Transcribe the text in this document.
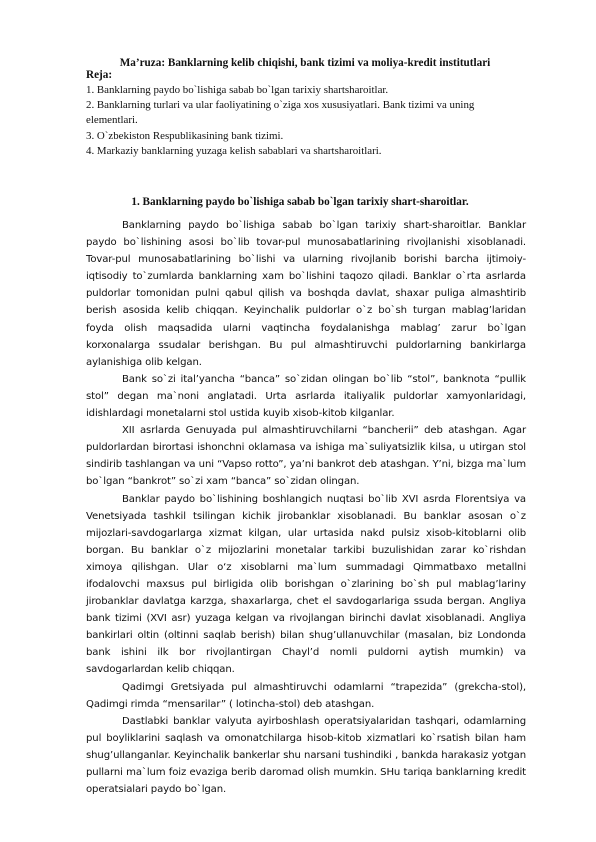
Ma’ruza: Banklarning kelib chiqishi, bank tizimi va moliya-kredit institutlari
Reja:
1. Banklarning paydo bo`lishiga sabab bo`lgan tarixiy shartsharoitlar.
2. Banklarning turlari va ular faoliyatining o`ziga xos xususiyatlari. Bank tizimi va uning elementlari.
3. O`zbekiston Respublikasining bank tizimi.
4. Markaziy banklarning yuzaga kelish sabablari va shartsharoitlari.
1. Banklarning paydo bo`lishiga sabab bo`lgan tarixiy shart-sharoitlar.

Banklarning paydo bo`lishiga sabab bo`lgan tarixiy shart-sharoitlar. Banklar paydo bo`lishining asosi bo`lib tovar-pul munosabatlarining rivojlanishi xisoblanadi. Tovar-pul munosabatlarining bo`lishi va ularning rivojlanib borishi barcha ijtimoiy-iqtisodiy to`zumlarda banklarning xam bo`lishini taqozo qiladi. Banklar o`rta asrlarda puldorlar tomonidan pulni qabul qilish va boshqda davlat, shaxar puliga almashtirib berish asosida kelib chiqqan. Keyinchalik puldorlar o`z bo`sh turgan mablag’laridan foyda olish maqsadida ularni vaqtincha foydalanishga mablag’ zarur bo`lgan korxonalarga ssudalar berishgan. Bu pul almashtiruvchi puldorlarning bankirlarga aylanishiga olib kelgan.

Bank so`zi ital’yancha “banca” so`zidan olingan bo`lib “stol”, banknota “pullik stol” degan ma`noni anglatadi. Urta asrlarda italiyalik puldorlar xamyonlaridagi, idishlardagi monetalarni stol ustida kuyib xisob-kitob kilganlar.

XII asrlarda Genuyada pul almashtiruvchilarni “bancherii” deb atashgan. Agar puldorlardan birortasi ishonchni oklamasa va ishiga ma`suliyatsizlik kilsa, u utirgan stol sindirib tashlangan va uni “Vapso rotto”, ya’ni bankrot deb atashgan. Y’ni, bizga ma`lum bo`lgan “bankrot” so`zi xam “banca” so`zidan olingan.

Banklar paydo bo`lishining boshlangich nuqtasi bo`lib XVI asrda Florentsiya va Venetsiyada tashkil tsilingan kichik jirobanklar xisoblanadi. Bu banklar asosan o`z mijozlari-savdogarlarga xizmat kilgan, ular urtasida nakd pulsiz xisob-kitoblarni olib borgan. Bu banklar o`z mijozlarini monetalar tarkibi buzulishidan zarar ko`rishdan ximoya qilishgan. Ular o‘z xisoblarni ma`lum summadagi Qimmatbaxo metallni ifodalovchi maxsus pul birligida olib borishgan o`zlarining bo`sh pul mablag’lariny jirobanklar davlatga karzga, shaxarlarga, chet el savdogarlariga ssuda bergan. Angliya bank tizimi (XVI asr) yuzaga kelgan va rivojlangan birinchi davlat xisoblanadi. Angliya bankirlari oltin (oltinni saqlab berish) bilan shug’ullanuvchilar (masalan, biz Londonda bank ishini ilk bor rivojlantirgan Chayl’d nomli puldorni aytish mumkin) va savdogarlardan kelib chiqqan.

Qadimgi Gretsiyada pul almashtiruvchi odamlarni “trapezida” (grekcha-stol), Qadimgi rimda “mensarilar” ( lotincha-stol) deb atashgan.

Dastlabki banklar valyuta ayirboshlash operatsiyalaridan tashqari, odamlarning pul boyliklarini saqlash va omonatchilarga hisob-kitob xizmatlari ko`rsatish bilan ham shug’ullanganlar. Keyinchalik bankerlar shu narsani tushindiki , bankda harakasiz yotgan pullarni ma`lum foiz evaziga berib daromad olish mumkin. SHu tariqa banklarning kredit operatsialari paydo bo`lgan.
